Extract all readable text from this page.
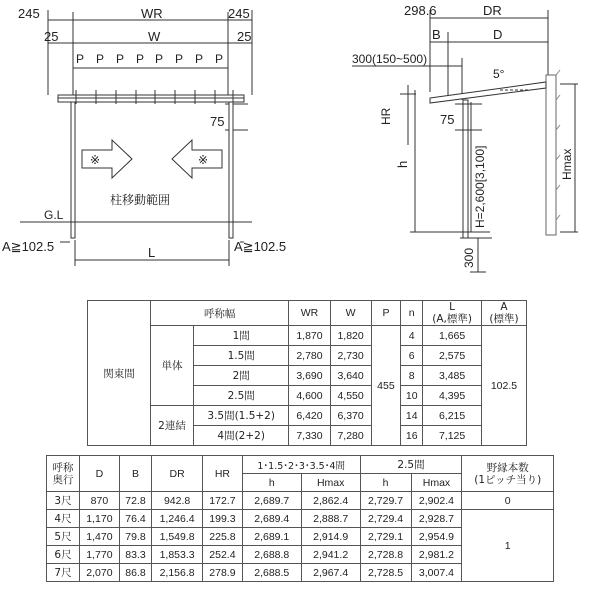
245	WR	245
25	W	25
P P P P P P P P
75
※	※
柱移動範囲
G.L
A≧102.5	A≧102.5
L
298.6	DR
B	D
300(150~500)
5°
HR	75
h	H=2,600[3,100]	Hmax
300
関東間	呼称幅		WR	W	P	n	L
(A,標準)	A
(標準)
	単体	1間	1,870	1,820	455	4	1,665	102.5
		1.5間	2,780	2,730		6	2,575	
		2間	3,690	3,640		8	3,485	
		2.5間	4,600	4,550		10	4,395	
	2連結	3.5間(1.5+2)	6,420	6,370		14	6,215	
		4間(2+2)	7,330	7,280		16	7,125	
呼称
奥行	D	B	DR	HR	1･1.5･2･3･3.5･4間		2.5間		野縁本数
(1ピッチ当り)
					h	Hmax	h	Hmax	
3尺	870	72.8	942.8	172.7	2,689.7	2,862.4	2,729.7	2,902.4	0
4尺	1,170	76.4	1,246.4	199.3	2,689.4	2,888.7	2,729.4	2,928.7	1
5尺	1,470	79.8	1,549.8	225.8	2,689.1	2,914.9	2,729.1	2,954.9	
6尺	1,770	83.3	1,853.3	252.4	2,688.8	2,941.2	2,728.8	2,981.2	
7尺	2,070	86.8	2,156.8	278.9	2,688.5	2,967.4	2,728.5	3,007.4	
